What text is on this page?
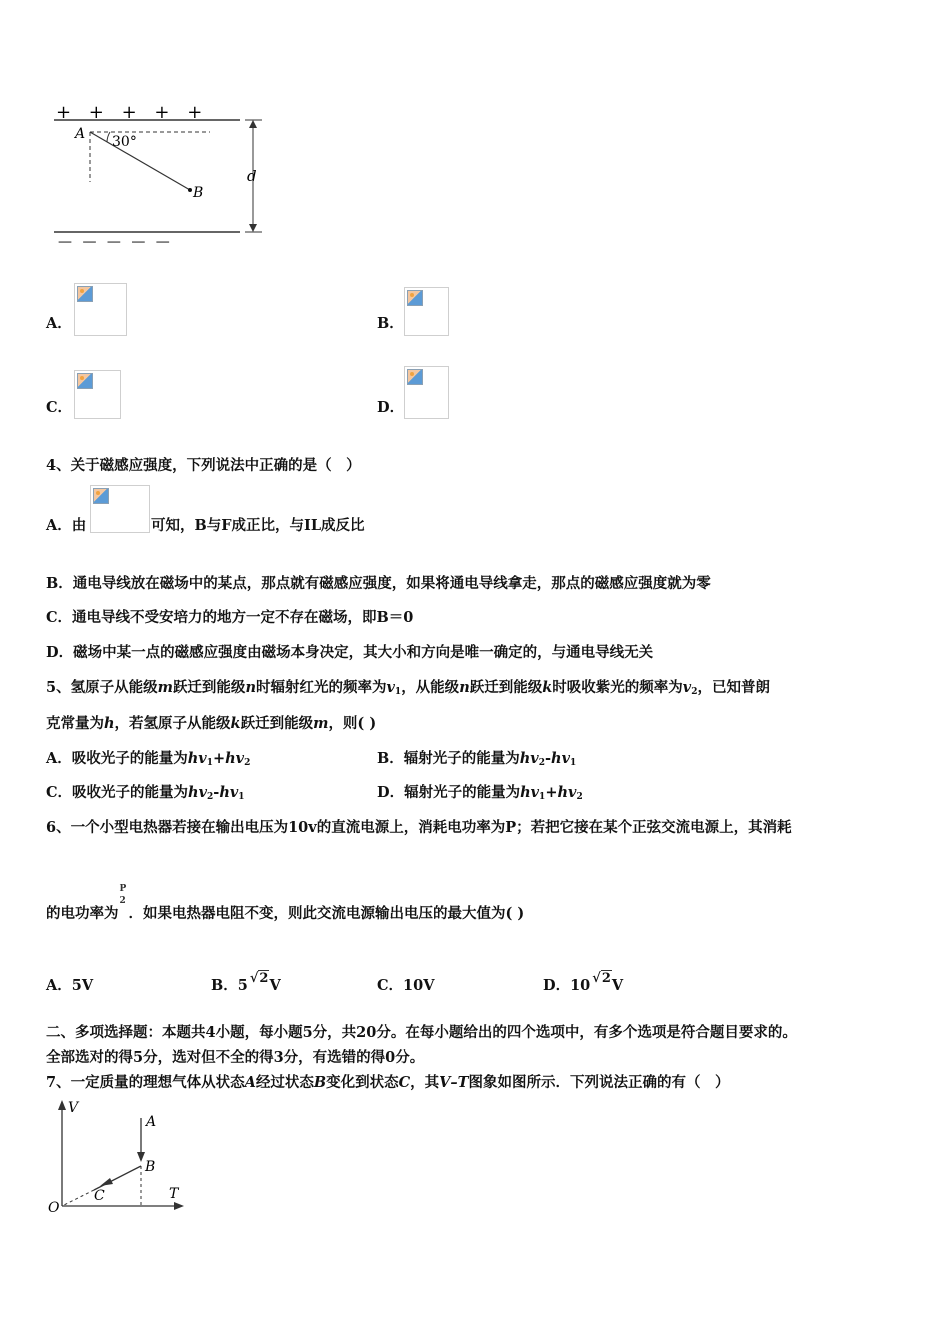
+ + + + +
— — — — —
A 30°
B
d
A．	B．
C．	D．
4、关于磁感应强度，下列说法中正确的是（　）
A．由	可知，B与F成正比，与IL成反比
B．通电导线放在磁场中的某点，那点就有磁感应强度，如果将通电导线拿走，那点的磁感应强度就为零
C．通电导线不受安培力的地方一定不存在磁场，即B＝0
D．磁场中某一点的磁感应强度由磁场本身决定，其大小和方向是唯一确定的，与通电导线无关
5、氢原子从能级m跃迁到能级n时辐射红光的频率为$v_1$，从能级n跃迁到能级k时吸收紫光的频率为$v_2$，已知普朗
克常量为h，若氢原子从能级k跃迁到能级m，则( )
A．吸收光子的能量为$hv_1+hv_2$	B．辐射光子的能量为$hv_2-hv_1$
C．吸收光子的能量为$hv_2-hv_1$	D．辐射光子的能量为$hv_1+hv_2$
6、一个小型电热器若接在输出电压为10v的直流电源上，消耗电功率为P；若把它接在某个正弦交流电源上，其消耗
的电功率为
P
2
．如果电热器电阻不变，则此交流电源输出电压的最大值为( )
A．5V	B．5 √2V	C．10V	D．10 √2V
二、多项选择题：本题共4小题，每小题5分，共20分。在每小题给出的四个选项中，有多个选项是符合题目要求的。
全部选对的得5分，选对但不全的得3分，有选错的得0分。
7、一定质量的理想气体从状态A经过状态B变化到状态C，其V–T图象如图所示．下列说法正确的有（　）
V
T
O
A
B
C
